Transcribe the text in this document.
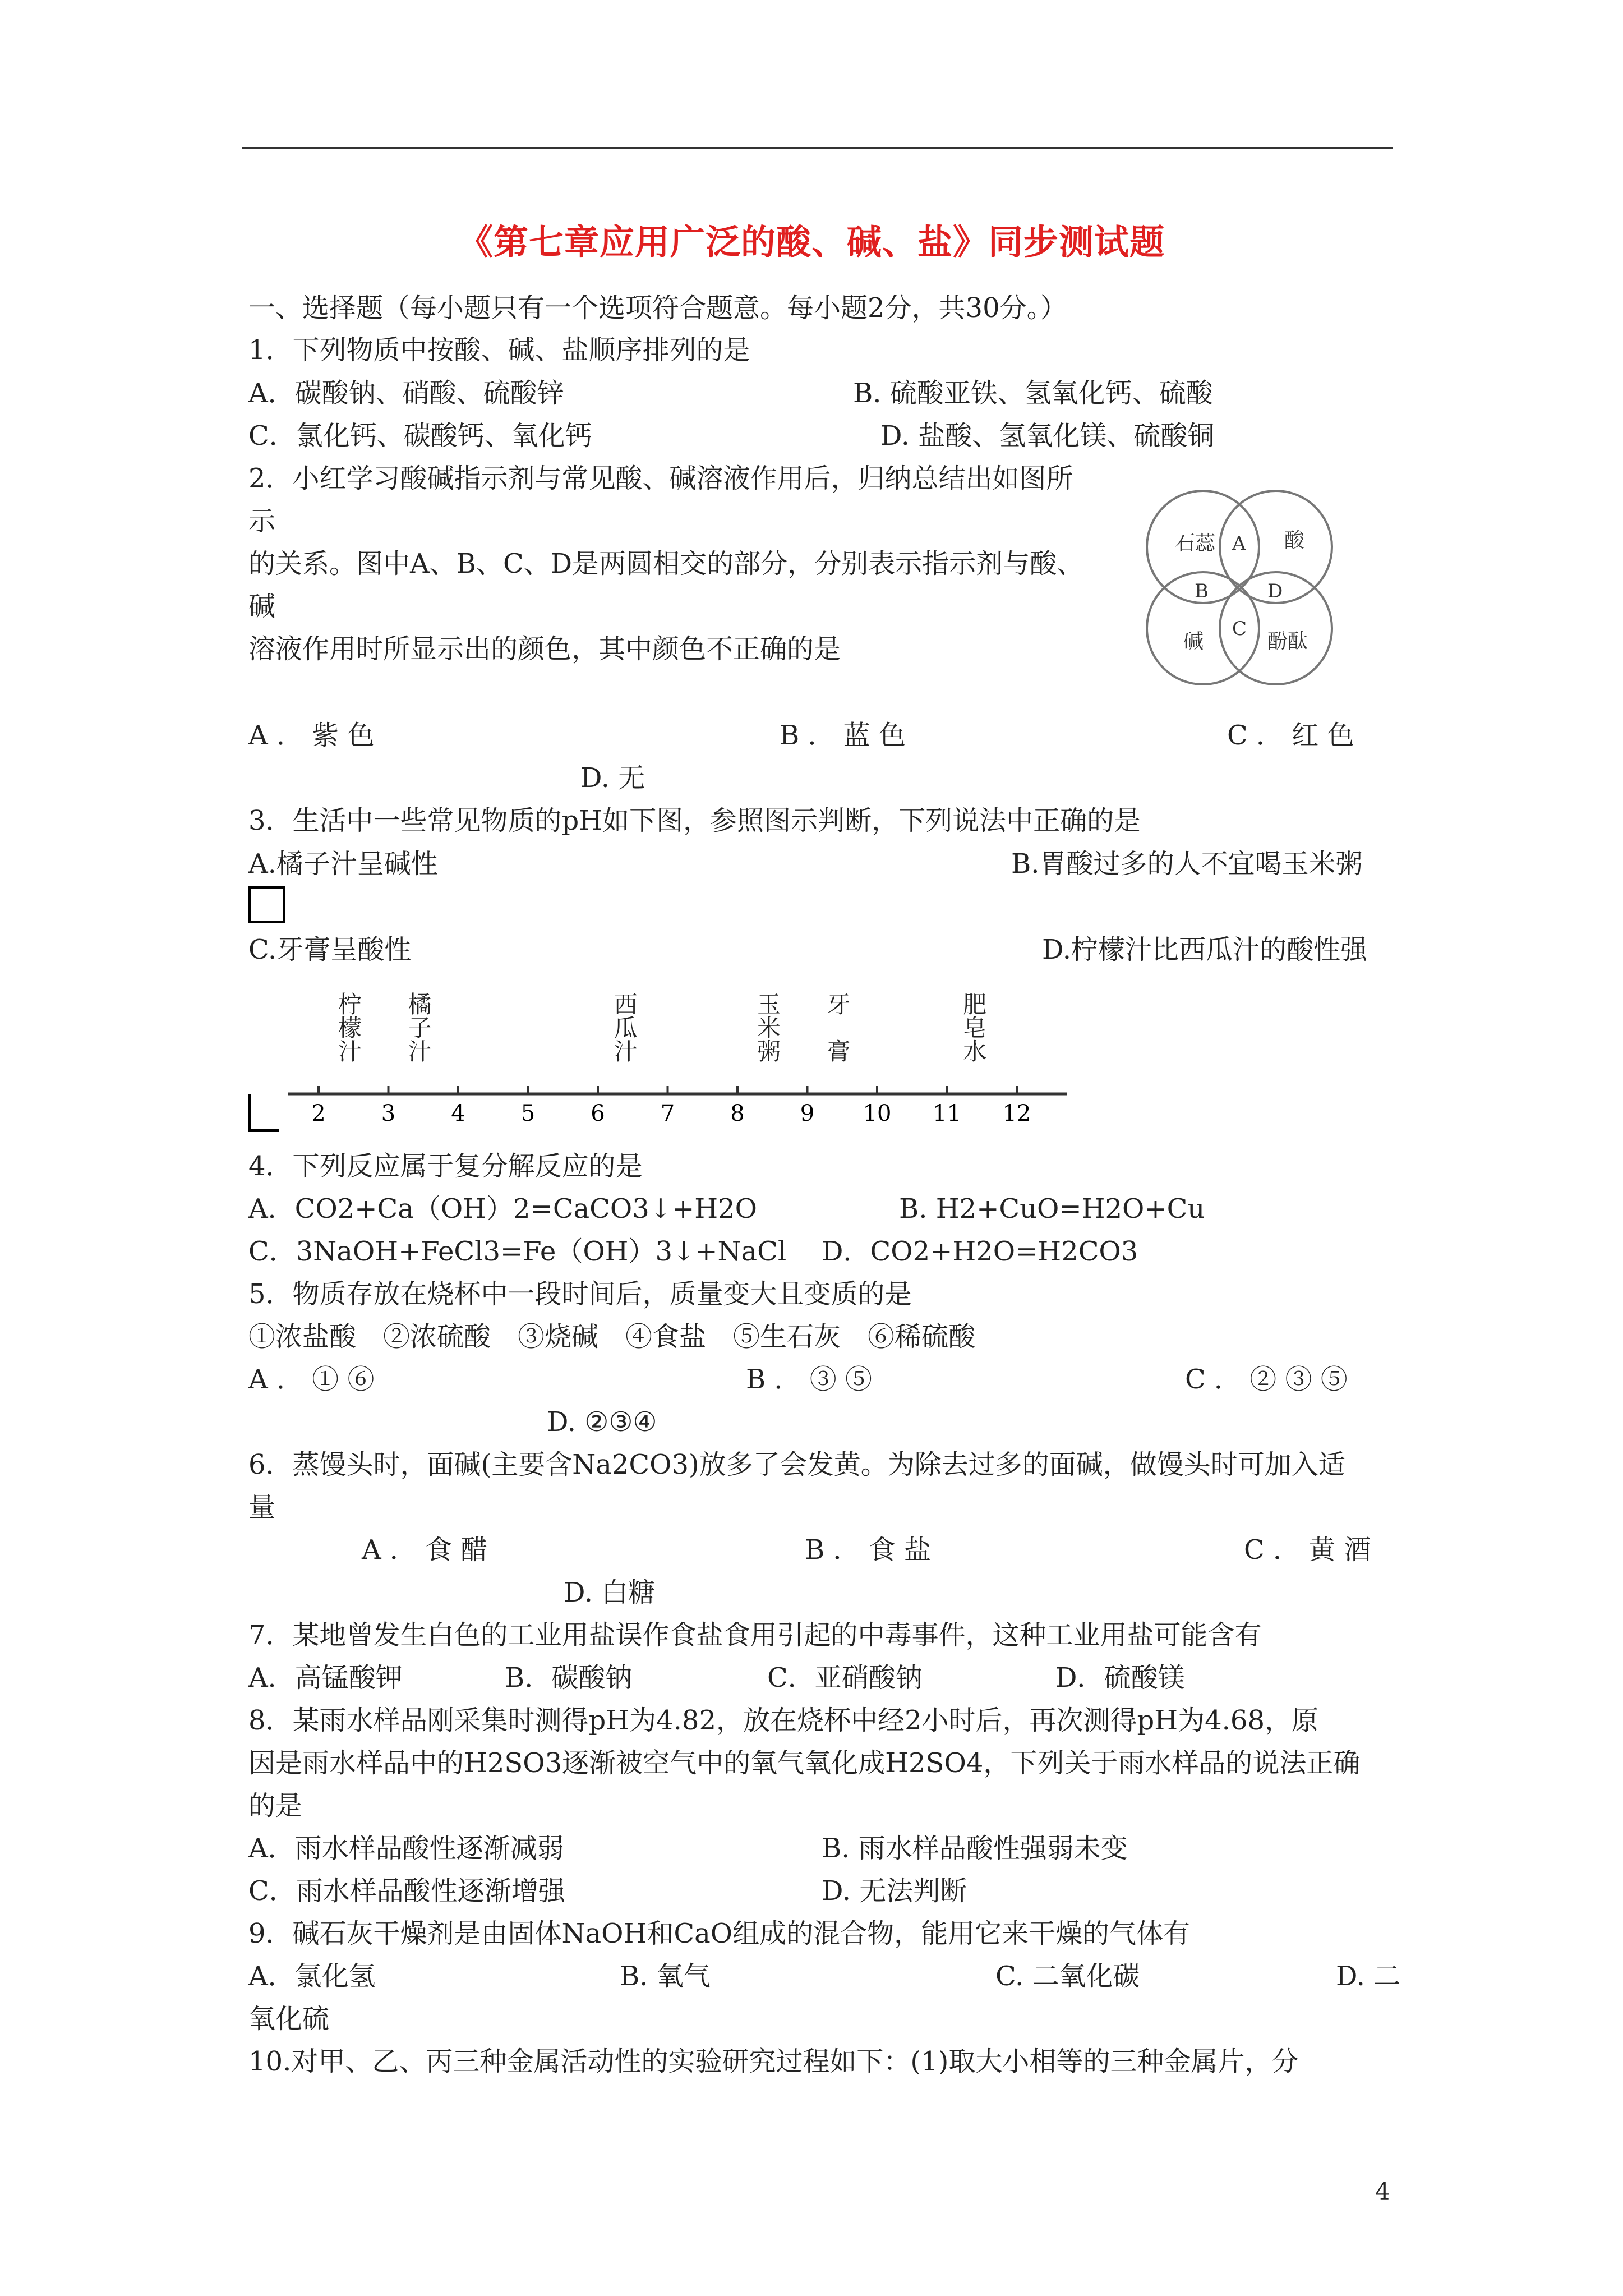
《第七章应用广泛的酸、碱、盐》同步测试题
一、选择题（每小题只有一个选项符合题意。每小题2分，共30分。）
1．下列物质中按酸、碱、盐顺序排列的是
A．碳酸钠、硝酸、硫酸锌	B. 硫酸亚铁、氢氧化钙、硫酸
C．氯化钙、碳酸钙、氧化钙	D. 盐酸、氢氧化镁、硫酸铜
2．小红学习酸碱指示剂与常见酸、碱溶液作用后，归纳总结出如图所
示
的关系。图中A、B、C、D是两圆相交的部分，分别表示指示剂与酸、
碱
溶液作用时所显示出的颜色，其中颜色不正确的是
石蕊	酸
碱	酚酞
A
B	D
C
A ． 紫 色	B ． 蓝 色	C ． 红 色
D. 无
3．生活中一些常见物质的pH如下图，参照图示判断，下列说法中正确的是
A.橘子汁呈碱性	B.胃酸过多的人不宜喝玉米粥
C.牙膏呈酸性	D.柠檬汁比西瓜汁的酸性强
2 3 4 5 6 7 8 9 10 11 12
柠
檬
汁
橘
子
汁
西
瓜
汁
玉
米
粥
牙
膏
肥
皂
水
4．下列反应属于复分解反应的是
A．CO2+Ca（OH）2=CaCO3↓+H2O	B. H2+CuO=H2O+Cu
C．3NaOH+FeCl3=Fe（OH）3↓+NaCl D．CO2+H2O=H2CO3
5．物质存放在烧杯中一段时间后，质量变大且变质的是
①浓盐酸　②浓硫酸　③烧碱　④食盐　⑤生石灰　⑥稀硫酸
A ． ① ⑥	B ． ③ ⑤	C ． ② ③ ⑤
D. ②③④
6．蒸馒头时，面碱(主要含Na2CO3)放多了会发黄。为除去过多的面碱，做馒头时可加入适
量
A ． 食 醋	B ． 食 盐	C ． 黄 酒
D. 白糖
7．某地曾发生白色的工业用盐误作食盐食用引起的中毒事件，这种工业用盐可能含有
A．高锰酸钾	B．碳酸钠	C．亚硝酸钠	D．硫酸镁
8．某雨水样品刚采集时测得pH为4.82，放在烧杯中经2小时后，再次测得pH为4.68，原
因是雨水样品中的H2SO3逐渐被空气中的氧气氧化成H2SO4，下列关于雨水样品的说法正确
的是
A．雨水样品酸性逐渐减弱	B. 雨水样品酸性强弱未变
C．雨水样品酸性逐渐增强	D. 无法判断
9．碱石灰干燥剂是由固体NaOH和CaO组成的混合物，能用它来干燥的气体有
A．氯化氢	B. 氧气	C. 二氧化碳	D. 二
氧化硫
10.对甲、乙、丙三种金属活动性的实验研究过程如下：(1)取大小相等的三种金属片，分
4
